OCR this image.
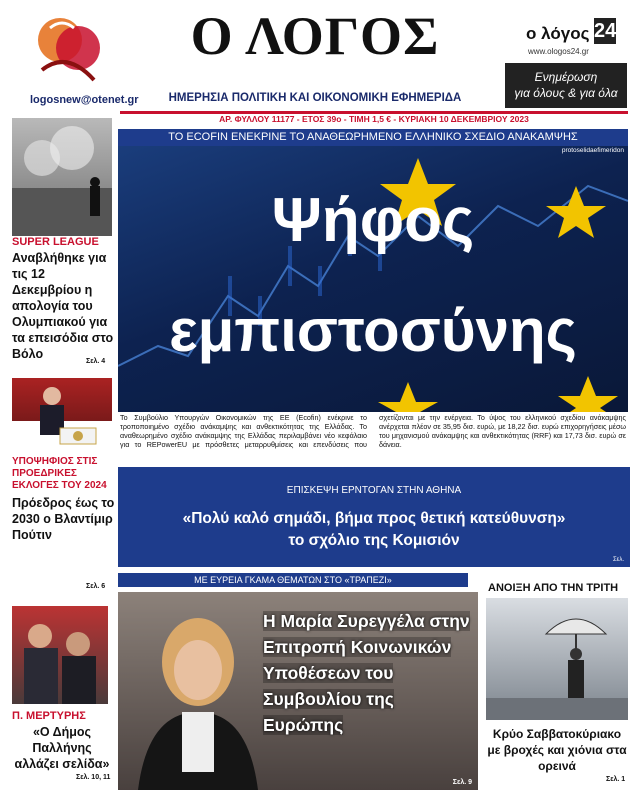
logosnew@otenet.gr
Ο ΛΟΓΟΣ
ΗΜΕΡΗΣΙΑ ΠΟΛΙΤΙΚΗ ΚΑΙ ΟΙΚΟΝΟΜΙΚΗ ΕΦΗΜΕΡΙΔΑ
ο λόγος 24
www.ologos24.gr
Ενημέρωση
για όλους & για όλα
ΑΡ. ΦΥΛΛΟΥ 11177 - ΕΤΟΣ 39ο - ΤΙΜΗ 1,5 € - ΚΥΡΙΑΚΗ 10 ΔΕΚΕΜΒΡΙΟΥ 2023
SUPER LEAGUE
Αναβλήθηκε για τις 12 Δεκεμβρίου η απολογία του Ολυμπιακού για τα επεισόδια στο Βόλο
Σελ. 4
ΥΠΟΨΗΦΙΟΣ ΣΤΙΣ ΠΡΟΕΔΡΙΚΕΣ ΕΚΛΟΓΕΣ ΤΟΥ 2024
Πρόεδρος έως το 2030 ο Βλαντίμιρ Πούτιν
Σελ. 6
Π. ΜΕΡΤΥΡΗΣ
«Ο Δήμος Παλλήνης αλλάζει σελίδα»
Σελ. 10, 11
ΤΟ ECOFIN ΕΝΕΚΡΙΝΕ ΤΟ ΑΝΑΘΕΩΡΗΜΕΝΟ ΕΛΛΗΝΙΚΟ ΣΧΕΔΙΟ ΑΝΑΚΑΜΨΗΣ
protoselidaefimeridon
Ψήφος
εμπιστοσύνης
Το Συμβούλιο Υπουργών Οικονομικών της ΕΕ (Ecofin) ενέκρινε το τροποποιημένο σχέδιο ανάκαμψης και ανθεκτικότητας της Ελλάδας. Το αναθεωρημένο σχέδιο ανάκαμψης της Ελλάδας περιλαμβάνει νέο κεφάλαιο για το REPowerEU με πρόσθετες μεταρρυθμίσεις και επενδύσεις που σχετίζονται με την ενέργεια. Το ύψος του ελληνικού σχεδίου ανάκαμψης ανέρχεται πλέον σε 35,95 δισ. ευρώ, με 18,22 δισ. ευρώ επιχορηγήσεις μέσω του μηχανισμού ανάκαμψης και ανθεκτικότητας (RRF) και 17,73 δισ. ευρώ σε δάνεια.
ΕΠΙΣΚΕΨΗ ΕΡΝΤΟΓΑΝ ΣΤΗΝ ΑΘΗΝΑ
«Πολύ καλό σημάδι, βήμα προς θετική κατεύθυνση»
το σχόλιο της Κομισιόν
Σελ.
ΜΕ ΕΥΡΕΙΑ ΓΚΑΜΑ ΘΕΜΑΤΩΝ ΣΤΟ «ΤΡΑΠΕΖΙ»
Η Μαρία Συρεγγέλα στην Επιτροπή Κοινωνικών Υποθέσεων του Συμβουλίου της Ευρώπης
Σελ. 9
ΑΝΟΙΞΗ ΑΠΟ ΤΗΝ ΤΡΙΤΗ
Κρύο Σαββατοκύριακο με βροχές και χιόνια στα ορεινά
Σελ. 1
